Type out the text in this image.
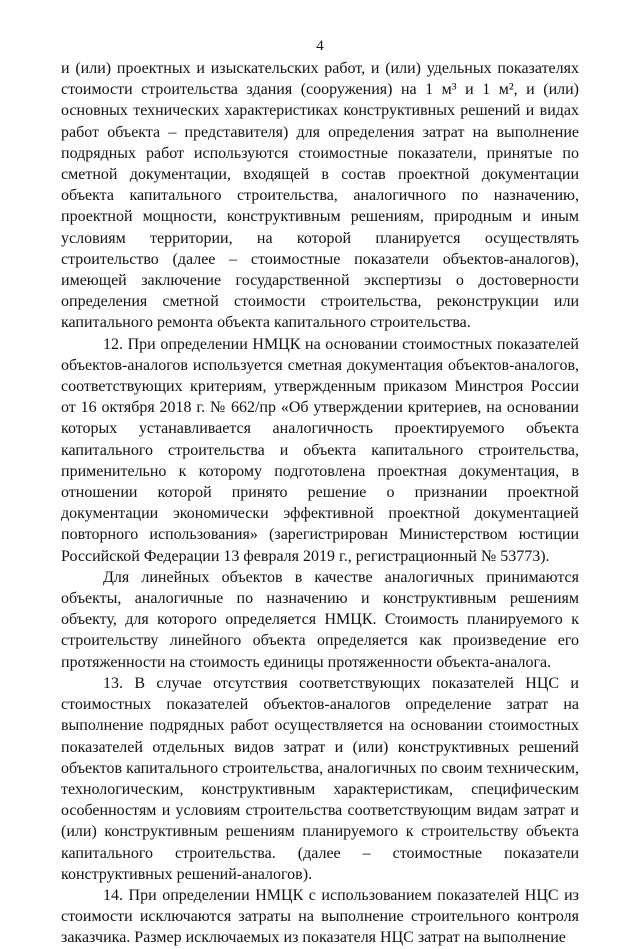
4

и (или) проектных и изыскательских работ, и (или) удельных показателях стоимости строительства здания (сооружения) на 1 м³ и 1 м², и (или) основных технических характеристиках конструктивных решений и видах работ объекта – представителя) для определения затрат на выполнение подрядных работ используются стоимостные показатели, принятые по сметной документации, входящей в состав проектной документации объекта капитального строительства, аналогичного по назначению, проектной мощности, конструктивным решениям, природным и иным условиям территории, на которой планируется осуществлять строительство (далее – стоимостные показатели объектов-аналогов), имеющей заключение государственной экспертизы о достоверности определения сметной стоимости строительства, реконструкции или капитального ремонта объекта капитального строительства.

12. При определении НМЦК на основании стоимостных показателей объектов-аналогов используется сметная документация объектов-аналогов, соответствующих критериям, утвержденным приказом Минстроя России от 16 октября 2018 г. № 662/пр «Об утверждении критериев, на основании которых устанавливается аналогичность проектируемого объекта капитального строительства и объекта капитального строительства, применительно к которому подготовлена проектная документация, в отношении которой принято решение о признании проектной документации экономически эффективной проектной документацией повторного использования» (зарегистрирован Министерством юстиции Российской Федерации 13 февраля 2019 г., регистрационный № 53773).

Для линейных объектов в качестве аналогичных принимаются объекты, аналогичные по назначению и конструктивным решениям объекту, для которого определяется НМЦК. Стоимость планируемого к строительству линейного объекта определяется как произведение его протяженности на стоимость единицы протяженности объекта-аналога.

13. В случае отсутствия соответствующих показателей НЦС и стоимостных показателей объектов-аналогов определение затрат на выполнение подрядных работ осуществляется на основании стоимостных показателей отдельных видов затрат и (или) конструктивных решений объектов капитального строительства, аналогичных по своим техническим, технологическим, конструктивным характеристикам, специфическим особенностям и условиям строительства соответствующим видам затрат и (или) конструктивным решениям планируемого к строительству объекта капитального строительства. (далее – стоимостные показатели конструктивных решений-аналогов).

14. При определении НМЦК с использованием показателей НЦС из стоимости исключаются затраты на выполнение строительного контроля заказчика. Размер исключаемых из показателя НЦС затрат на выполнение
